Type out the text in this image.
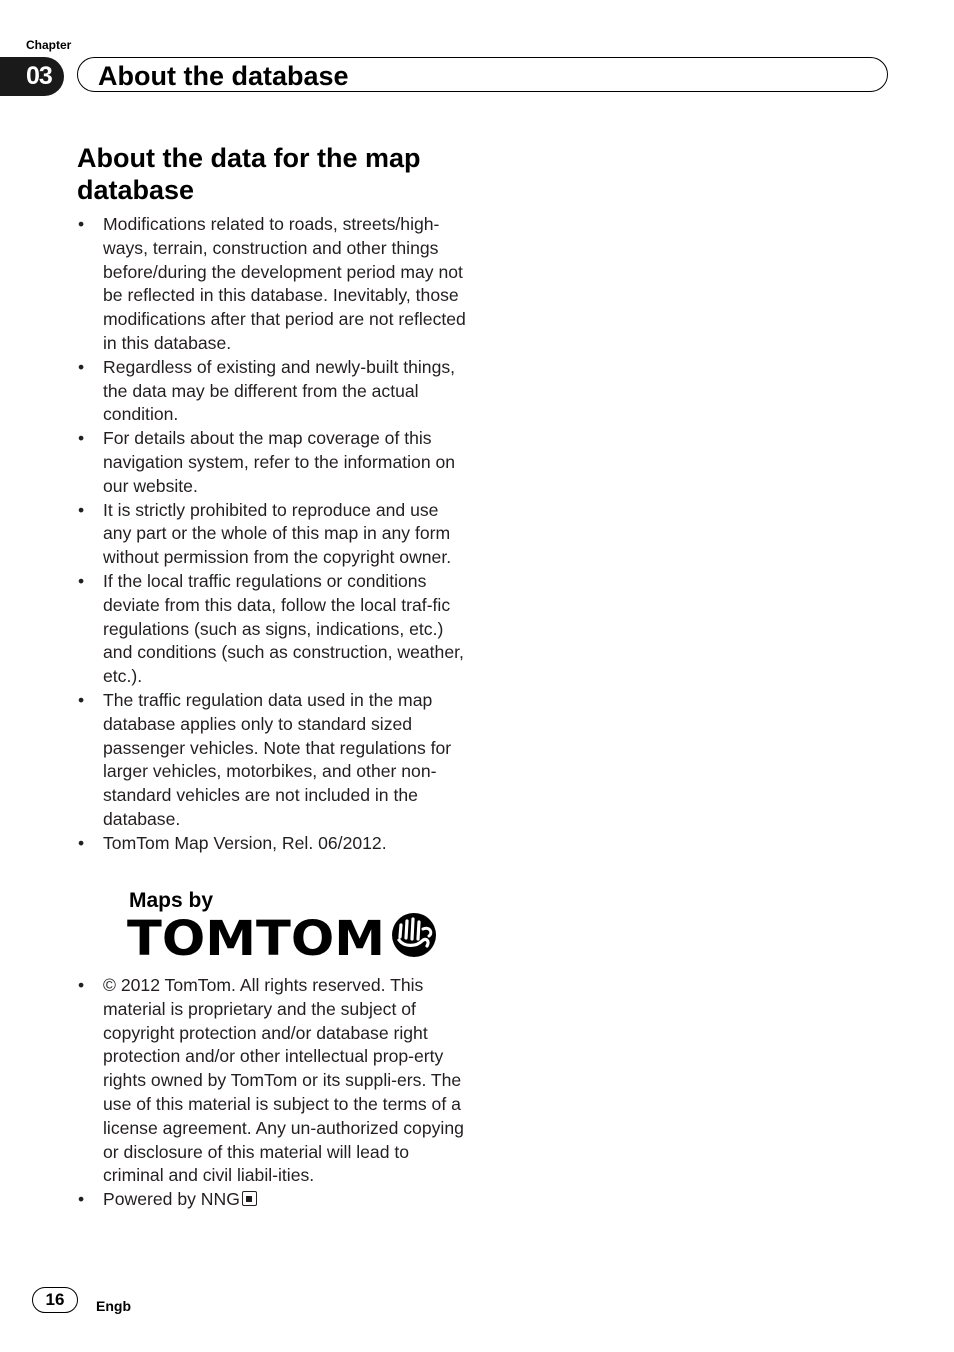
Chapter
03 About the database
About the data for the map database
• Modifications related to roads, streets/high-ways, terrain, construction and other things before/during the development period may not be reflected in this database. Inevitably, those modifications after that period are not reflected in this database.
• Regardless of existing and newly-built things, the data may be different from the actual condition.
• For details about the map coverage of this navigation system, refer to the information on our website.
• It is strictly prohibited to reproduce and use any part or the whole of this map in any form without permission from the copyright owner.
• If the local traffic regulations or conditions deviate from this data, follow the local traf-fic regulations (such as signs, indications, etc.) and conditions (such as construction, weather, etc.).
• The traffic regulation data used in the map database applies only to standard sized passenger vehicles. Note that regulations for larger vehicles, motorbikes, and other non-standard vehicles are not included in the database.
• TomTom Map Version, Rel. 06/2012.
Maps by
TOMTOM
• © 2012 TomTom. All rights reserved. This material is proprietary and the subject of copyright protection and/or database right protection and/or other intellectual prop-erty rights owned by TomTom or its suppli-ers. The use of this material is subject to the terms of a license agreement. Any un-authorized copying or disclosure of this material will lead to criminal and civil liabil-ities.
• Powered by NNG
16	Engb
